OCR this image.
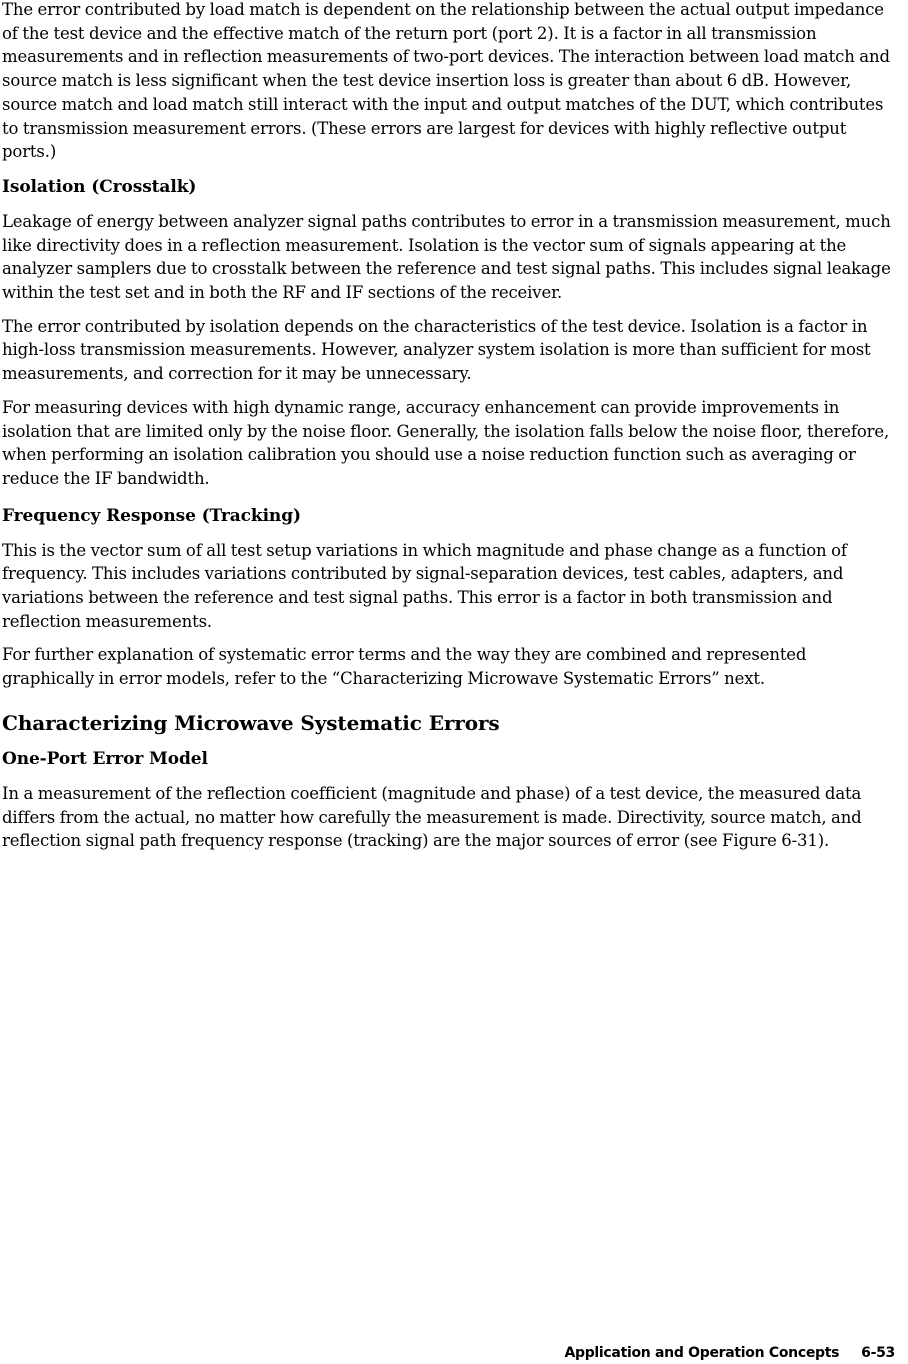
The error contributed by load match is dependent on the relationship between the actual output impedance of the test device and the effective match of the return port (port 2). It is a factor in all transmission measurements and in reflection measurements of two-port devices. The interaction between load match and source match is less significant when the test device insertion loss is greater than about 6 dB. However, source match and load match still interact with the input and output matches of the DUT, which contributes to transmission measurement errors. (These errors are largest for devices with highly reflective output ports.)

Isolation (Crosstalk)

Leakage of energy between analyzer signal paths contributes to error in a transmission measurement, much like directivity does in a reflection measurement. Isolation is the vector sum of signals appearing at the analyzer samplers due to crosstalk between the reference and test signal paths. This includes signal leakage within the test set and in both the RF and IF sections of the receiver.

The error contributed by isolation depends on the characteristics of the test device. Isolation is a factor in high-loss transmission measurements. However, analyzer system isolation is more than sufficient for most measurements, and correction for it may be unnecessary.

For measuring devices with high dynamic range, accuracy enhancement can provide improvements in isolation that are limited only by the noise floor. Generally, the isolation falls below the noise floor, therefore, when performing an isolation calibration you should use a noise reduction function such as averaging or reduce the IF bandwidth.

Frequency Response (Tracking)

This is the vector sum of all test setup variations in which magnitude and phase change as a function of frequency. This includes variations contributed by signal-separation devices, test cables, adapters, and variations between the reference and test signal paths. This error is a factor in both transmission and reflection measurements.

For further explanation of systematic error terms and the way they are combined and represented graphically in error models, refer to the “Characterizing Microwave Systematic Errors” next.

Characterizing Microwave Systematic Errors
One-Port Error Model

In a measurement of the reflection coefficient (magnitude and phase) of a test device, the measured data differs from the actual, no matter how carefully the measurement is made. Directivity, source match, and reflection signal path frequency response (tracking) are the major sources of error (see Figure 6-31).

Application and Operation Concepts 6-53
